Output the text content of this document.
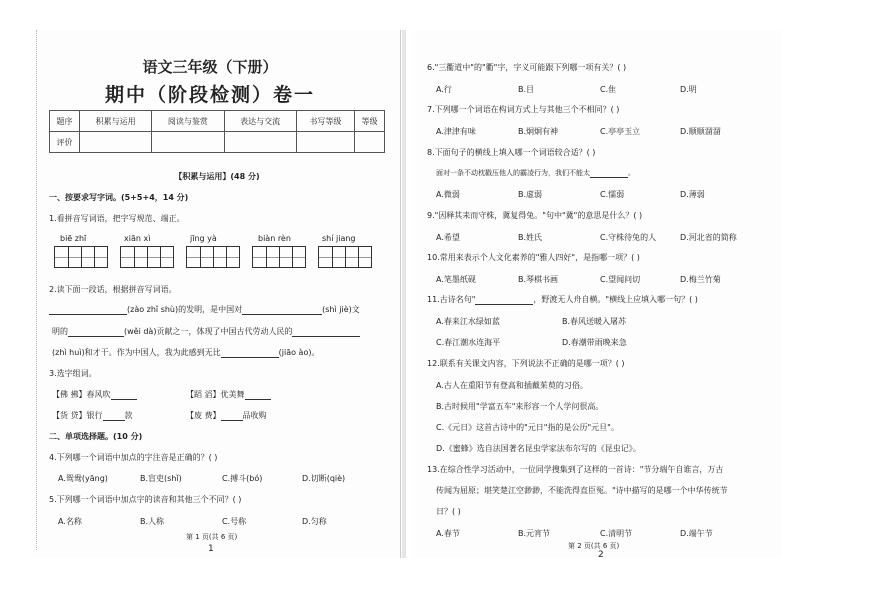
语文三年级（下册）
期中（阶段检测）卷一
题序	积累与运用	阅读与鉴赏	表达与交流	书写等级	等级
评价					
【积累与运用】(48 分)
一、按要求写字词。(5+5+4，14 分)
1.看拼音写词语，把字写规范、端正。
biē zhī	xiān xì	jīng yà	biàn rèn	shí jiang
2.读下面一段话，根据拼音写词语。
(zào zhǐ shù)的发明，是中国对	(shì jiè)文
明的	(wěi dà)贡献之一，体现了中国古代劳动人民的
(zhì huì)和才干。作为中国人，我为此感到无比	(jiāo ào)。
3.选字组词。
【佛 拂】春风吹	【蹈 滔】优美舞
【货 贷】银行	款	【废 费】	品收购
二、单项选择题。(10 分)
4.下列哪一个词语中加点的字注音是正确的？( )
A.鸳鸯(yāng)	B.盲吏(shǐ)	C.搏斗(bó)	D.切断(qiè)
5.下列哪一个词语中加点字的读音和其他三个不同？( )
A.名称	B.人称	C.号称	D.匀称
第 1 页(共 6 页)
1
6."三衢道中"的"衢"字，字义可能跟下列哪一项有关？( )
A.行	B.目	C.隹	D.明
7.下列哪一个词语在构词方式上与其他三个不相同？( )
A.津津有味	B.炯炯有神	C.亭亭玉立	D.顺顺溜溜
8.下面句子的横线上填入哪一个词语较合适？( )
面对一条不动枕戳压他人的霸凌行为，我们不能太	。
A.微弱	B.虚弱	C.懦弱	D.薄弱
9."因释其耒而守株，冀复得兔。"句中"冀"的意思是什么？( )
A.希望	B.姓氏	C.守株待兔的人	D.河北省的简称
10.常用来表示个人文化素养的"雅人四好"，是指哪一项？( )
A.笔墨纸砚	B.琴棋书画	C.望闻问切	D.梅兰竹菊
11.古诗名句"	，野渡无人舟自横。"横线上应填入哪一句？( )
A.春来江水绿如蓝	B.春风送暖入屠苏
C.春江潮水连海平	D.春潮带雨晚来急
12.联系有关课文内容，下列说法不正确的是哪一项？( )
A.古人在重阳节有登高和插戴茱萸的习俗。
B.古时候用"学富五车"来形容一个人学问很高。
C.《元日》这首古诗中的"元日"指的是公历"元旦"。
D.《蜜蜂》选自法国著名昆虫学家法布尔写的《昆虫记》。
13.在综合性学习活动中，一位同学搜集到了这样的一首诗："节分端午自谁言，万古
传闻为屈原；堪笑楚江空渺渺，不能洗得直臣冤。"诗中描写的是哪一个中华传统节
日？( )
A.春节	B.元宵节	C.清明节	D.端午节
第 2 页(共 6 页)
2
